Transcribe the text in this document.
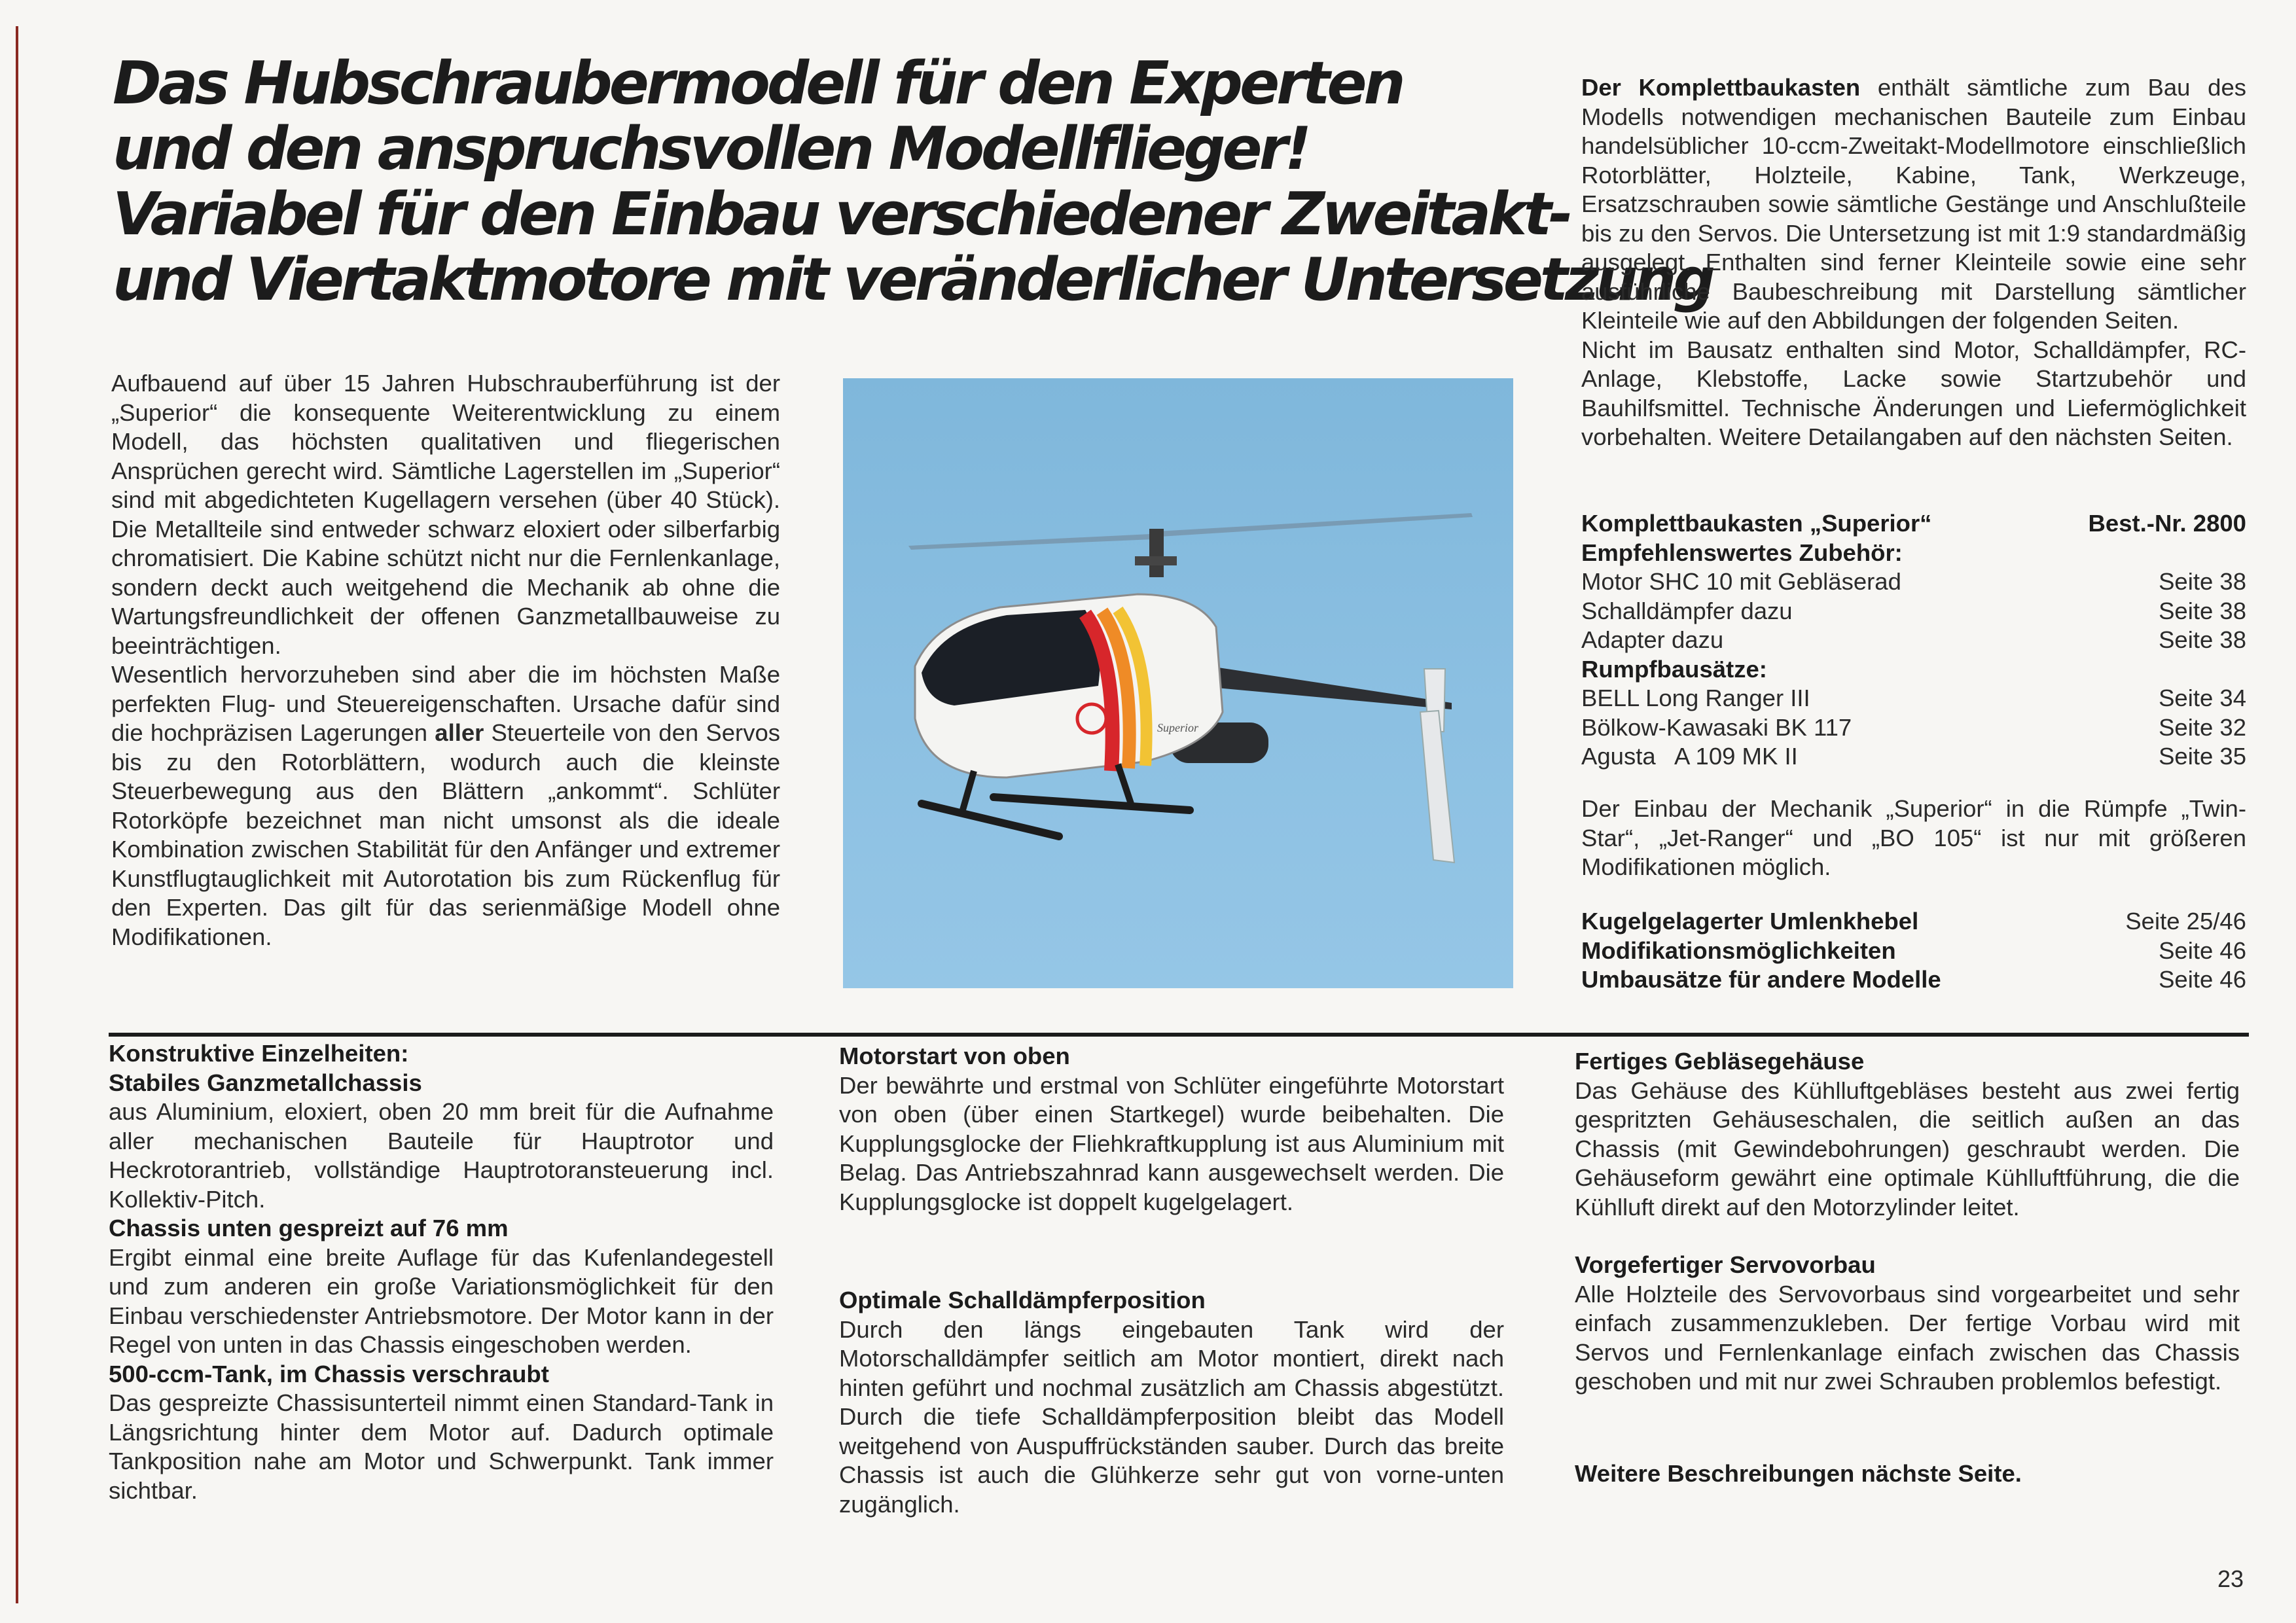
Das Hubschraubermodell für den Experten
und den anspruchsvollen Modellflieger!
Variabel für den Einbau verschiedener Zweitakt-
und Viertaktmotore mit veränderlicher Untersetzung

Aufbauend auf über 15 Jahren Hubschrauberführung ist der „Superior“ die konsequente Weiterentwicklung zu einem Modell, das höchsten qualitativen und fliegerischen Ansprüchen gerecht wird. Sämtliche Lagerstellen im „Superior“ sind mit abgedichteten Kugellagern versehen (über 40 Stück). Die Metallteile sind entweder schwarz eloxiert oder silberfarbig chromatisiert. Die Kabine schützt nicht nur die Fernlenkanlage, sondern deckt auch weitgehend die Mechanik ab ohne die Wartungsfreundlichkeit der offenen Ganzmetallbauweise zu beeinträchtigen.

Wesentlich hervorzuheben sind aber die im höchsten Maße perfekten Flug- und Steuereigenschaften. Ursache dafür sind die hochpräzisen Lagerungen aller Steuerteile von den Servos bis zu den Rotorblättern, wodurch auch die kleinste Steuerbewegung aus den Blättern „ankommt“. Schlüter Rotorköpfe bezeichnet man nicht umsonst als die ideale Kombination zwischen Stabilität für den Anfänger und extremer Kunstflugtauglichkeit mit Autorotation bis zum Rückenflug für den Experten. Das gilt für das serienmäßige Modell ohne Modifikationen.

Superior

Der Komplettbaukasten enthält sämtliche zum Bau des Modells notwendigen mechanischen Bauteile zum Einbau handelsüblicher 10-ccm-Zweitakt-Modellmotore einschließlich Rotorblätter, Holzteile, Kabine, Tank, Werkzeuge, Ersatzschrauben sowie sämtliche Gestänge und Anschlußteile bis zu den Servos. Die Untersetzung ist mit 1:9 standardmäßig ausgelegt. Enthalten sind ferner Kleinteile sowie eine sehr ausführliche Baubeschreibung mit Darstellung sämtlicher Kleinteile wie auf den Abbildungen der folgenden Seiten.

Nicht im Bausatz enthalten sind Motor, Schalldämpfer, RC-Anlage, Klebstoffe, Lacke sowie Startzubehör und Bauhilfsmittel. Technische Änderungen und Liefermöglichkeit vorbehalten. Weitere Detailangaben auf den nächsten Seiten.

Komplettbaukasten „Superior“	Best.-Nr. 2800
Empfehlenswertes Zubehör:
Motor SHC 10 mit Gebläserad	Seite 38
Schalldämpfer dazu	Seite 38
Adapter dazu	Seite 38
Rumpfbausätze:
BELL Long Ranger III	Seite 34
Bölkow-Kawasaki BK 117	Seite 32
Agusta   A 109 MK II	Seite 35
Der Einbau der Mechanik „Superior“ in die Rümpfe „Twin-Star“, „Jet-Ranger“ und „BO 105“ ist nur mit größeren Modifikationen möglich.
Kugelgelagerter Umlenkhebel	Seite 25/46
Modifikationsmöglichkeiten	Seite 46
Umbausätze für andere Modelle	Seite 46
Konstruktive Einzelheiten:
Stabiles Ganzmetallchassis

aus Aluminium, eloxiert, oben 20 mm breit für die Aufnahme aller mechanischen Bauteile für Hauptrotor und Heckrotorantrieb, vollständige Hauptrotoransteuerung incl. Kollektiv-Pitch.

Chassis unten gespreizt auf 76 mm

Ergibt einmal eine breite Auflage für das Kufenlandegestell und zum anderen ein große Variationsmöglichkeit für den Einbau verschiedenster Antriebsmotore. Der Motor kann in der Regel von unten in das Chassis eingeschoben werden.

500-ccm-Tank, im Chassis verschraubt

Das gespreizte Chassisunterteil nimmt einen Standard-Tank in Längsrichtung hinter dem Motor auf. Dadurch optimale Tankposition nahe am Motor und Schwerpunkt. Tank immer sichtbar.

Motorstart von oben

Der bewährte und erstmal von Schlüter eingeführte Motorstart von oben (über einen Startkegel) wurde beibehalten. Die Kupplungsglocke der Fliehkraftkupplung ist aus Aluminium mit Belag. Das Antriebszahnrad kann ausgewechselt werden. Die Kupplungsglocke ist doppelt kugelgelagert.

Optimale Schalldämpferposition

Durch den längs eingebauten Tank wird der Motorschalldämpfer seitlich am Motor montiert, direkt nach hinten geführt und nochmal zusätzlich am Chassis abgestützt. Durch die tiefe Schalldämpferposition bleibt das Modell weitgehend von Auspuffrückständen sauber. Durch das breite Chassis ist auch die Glühkerze sehr gut von vorne-unten zugänglich.

Fertiges Gebläsegehäuse

Das Gehäuse des Kühlluftgebläses besteht aus zwei fertig gespritzten Gehäuseschalen, die seitlich außen an das Chassis (mit Gewindebohrungen) geschraubt werden. Die Gehäuseform gewährt eine optimale Kühlluftführung, die die Kühlluft direkt auf den Motorzylinder leitet.

Vorgefertiger Servovorbau

Alle Holzteile des Servovorbaus sind vorgearbeitet und sehr einfach zusammenzukleben. Der fertige Vorbau wird mit Servos und Fernlenkanlage einfach zwischen das Chassis geschoben und mit nur zwei Schrauben problemlos befestigt.

Weitere Beschreibungen nächste Seite.
23
